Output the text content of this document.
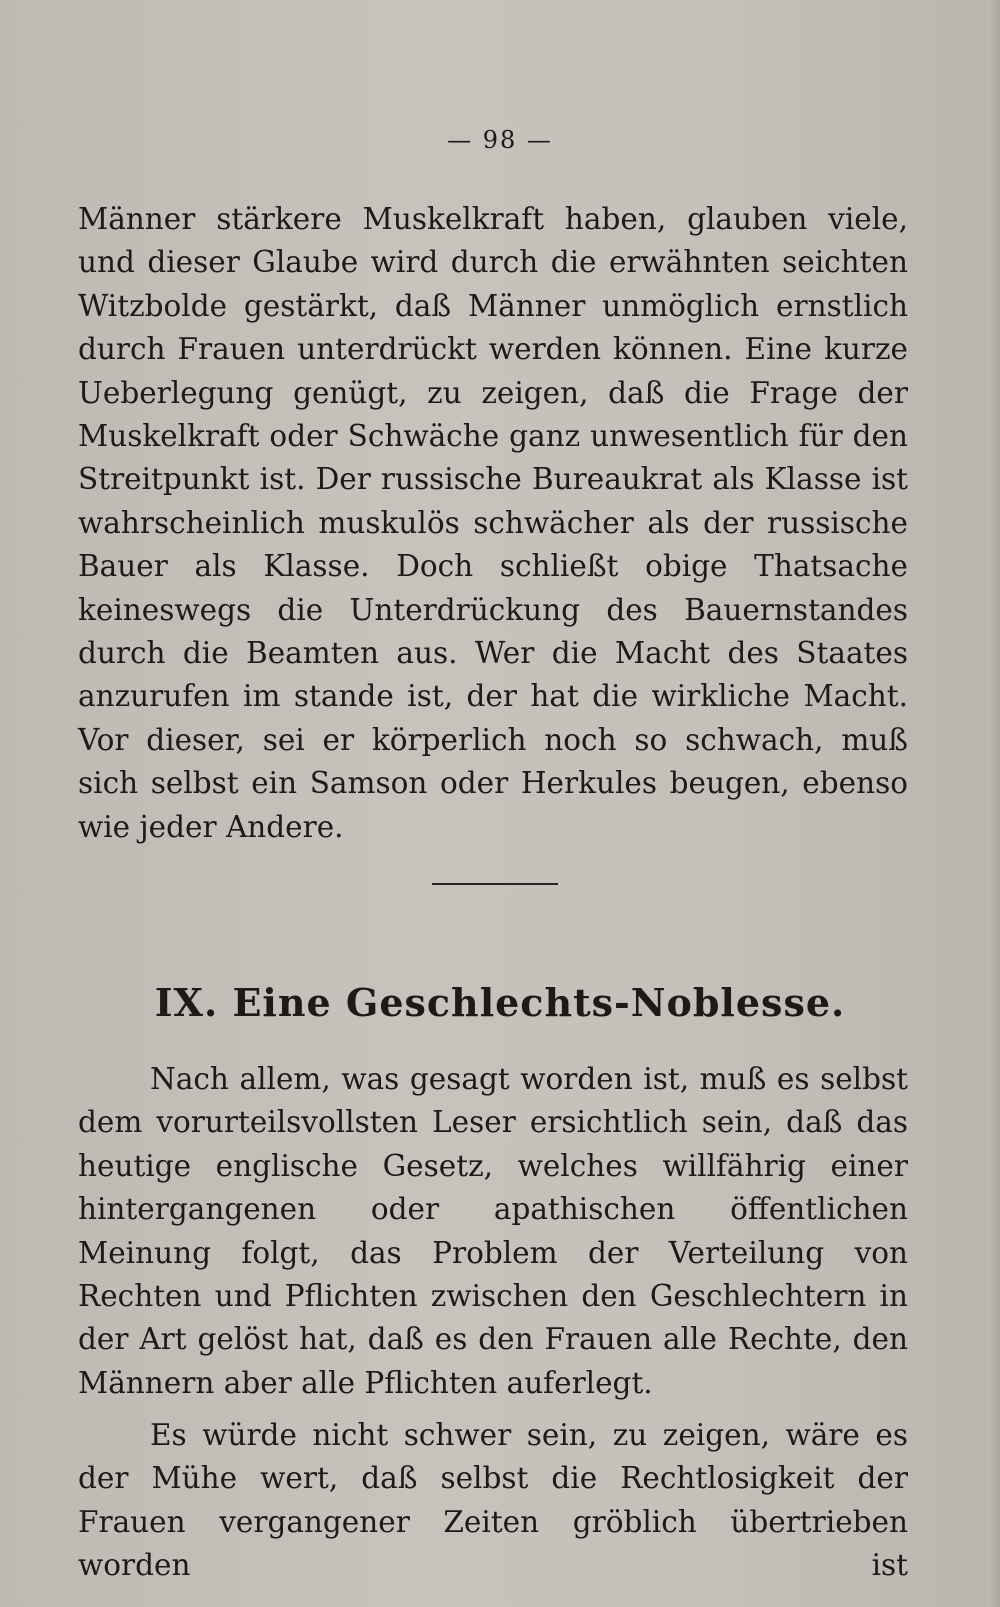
— 98 —
Männer stärkere Muskelkraft haben, glauben viele, und dieser Glaube wird durch die erwähnten seichten Witzbolde gestärkt, daß Männer unmöglich ernstlich durch Frauen unterdrückt werden können. Eine kurze Ueberlegung genügt, zu zeigen, daß die Frage der Muskelkraft oder Schwäche ganz unwesentlich für den Streitpunkt ist. Der russische Bureaukrat als Klasse ist wahrscheinlich muskulös schwächer als der russische Bauer als Klasse. Doch schließt obige Thatsache keineswegs die Unterdrückung des Bauernstandes durch die Beamten aus. Wer die Macht des Staates anzurufen im stande ist, der hat die wirkliche Macht. Vor dieser, sei er körperlich noch so schwach, muß sich selbst ein Samson oder Herkules beugen, ebenso wie jeder Andere.
IX. Eine Geschlechts-Noblesse.
Nach allem, was gesagt worden ist, muß es selbst dem vorurteilsvollsten Leser ersichtlich sein, daß das heutige englische Gesetz, welches willfährig einer hintergangenen oder apathischen öffentlichen Meinung folgt, das Problem der Verteilung von Rechten und Pflichten zwischen den Geschlechtern in der Art gelöst hat, daß es den Frauen alle Rechte, den Männern aber alle Pflichten auferlegt.
Es würde nicht schwer sein, zu zeigen, wäre es der Mühe wert, daß selbst die Rechtlosigkeit der Frauen vergangener Zeiten gröblich übertrieben worden ist
